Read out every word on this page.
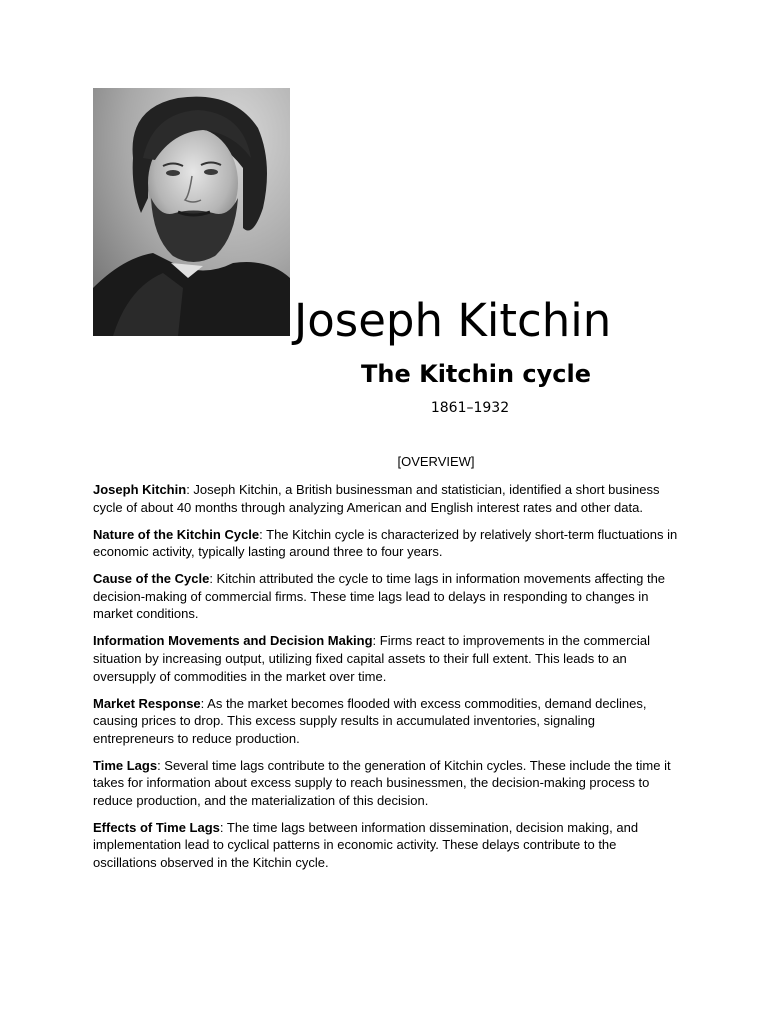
Joseph Kitchin
The Kitchin cycle
1861–1932
[OVERVIEW]

Joseph Kitchin: Joseph Kitchin, a British businessman and statistician, identified a short business cycle of about 40 months through analyzing American and English interest rates and other data.

Nature of the Kitchin Cycle: The Kitchin cycle is characterized by relatively short-term fluctuations in economic activity, typically lasting around three to four years.

Cause of the Cycle: Kitchin attributed the cycle to time lags in information movements affecting the decision-making of commercial firms. These time lags lead to delays in responding to changes in market conditions.

Information Movements and Decision Making: Firms react to improvements in the commercial situation by increasing output, utilizing fixed capital assets to their full extent. This leads to an oversupply of commodities in the market over time.

Market Response: As the market becomes flooded with excess commodities, demand declines, causing prices to drop. This excess supply results in accumulated inventories, signaling entrepreneurs to reduce production.

Time Lags: Several time lags contribute to the generation of Kitchin cycles. These include the time it takes for information about excess supply to reach businessmen, the decision-making process to reduce production, and the materialization of this decision.

Effects of Time Lags: The time lags between information dissemination, decision making, and implementation lead to cyclical patterns in economic activity. These delays contribute to the oscillations observed in the Kitchin cycle.
